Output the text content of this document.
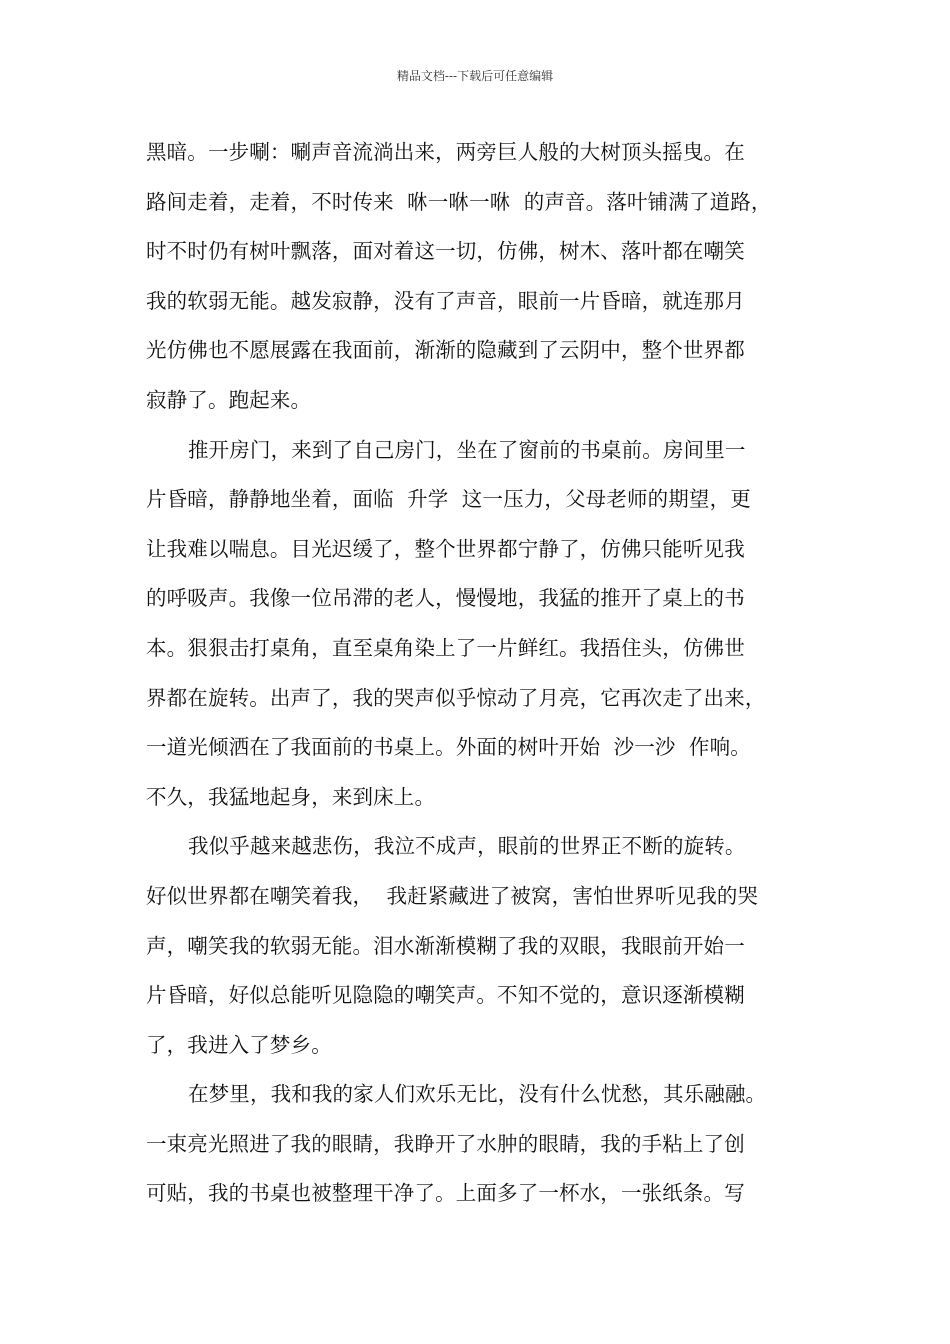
精品文档---下载后可任意编辑
黑暗。一步唰：唰声音流淌出来，两旁巨人般的大树顶头摇曳。在
路间走着，走着，不时传来  咻一咻一咻  的声音。落叶铺满了道路，
时不时仍有树叶飘落，面对着这一切，仿佛，树木、落叶都在嘲笑
我的软弱无能。越发寂静，没有了声音，眼前一片昏暗，就连那月
光仿佛也不愿展露在我面前，渐渐的隐藏到了云阴中，整个世界都
寂静了。跑起来。
推开房门，来到了自己房门，坐在了窗前的书桌前。房间里一
片昏暗，静静地坐着，面临  升学  这一压力，父母老师的期望，更
让我难以喘息。目光迟缓了，整个世界都宁静了，仿佛只能听见我
的呼吸声。我像一位吊滞的老人，慢慢地，我猛的推开了桌上的书
本。狠狠击打桌角，直至桌角染上了一片鲜红。我捂住头，仿佛世
界都在旋转。出声了，我的哭声似乎惊动了月亮，它再次走了出来，
一道光倾洒在了我面前的书桌上。外面的树叶开始  沙一沙  作响。
不久，我猛地起身，来到床上。
我似乎越来越悲伤，我泣不成声，眼前的世界正不断的旋转。
好似世界都在嘲笑着我，  我赶紧藏进了被窝，害怕世界听见我的哭
声，嘲笑我的软弱无能。泪水渐渐模糊了我的双眼，我眼前开始一
片昏暗，好似总能听见隐隐的嘲笑声。不知不觉的，意识逐渐模糊
了，我进入了梦乡。
在梦里，我和我的家人们欢乐无比，没有什么忧愁，其乐融融。
一束亮光照进了我的眼睛，我睁开了水肿的眼睛，我的手粘上了创
可贴，我的书桌也被整理干净了。上面多了一杯水，一张纸条。写
